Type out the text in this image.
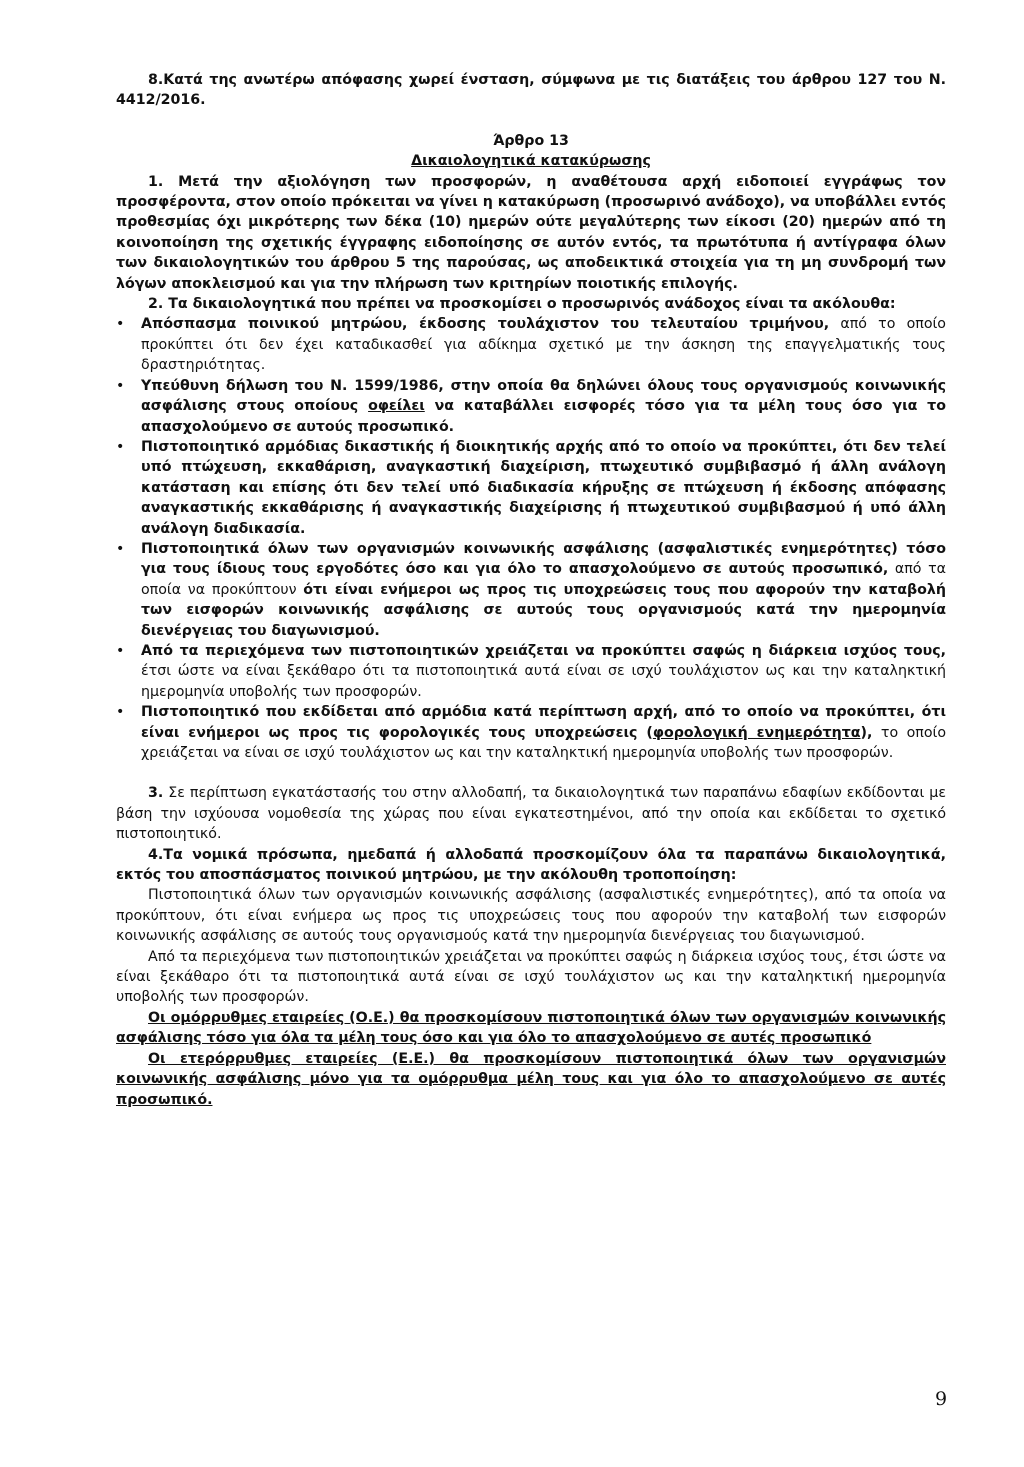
8.Κατά της ανωτέρω απόφασης χωρεί ένσταση, σύμφωνα με τις διατάξεις του άρθρου 127 του Ν. 4412/2016.

Άρθρο 13

Δικαιολογητικά κατακύρωσης

1. Μετά την αξιολόγηση των προσφορών, η αναθέτουσα αρχή ειδοποιεί εγγράφως τον προσφέροντα, στον οποίο πρόκειται να γίνει η κατακύρωση (προσωρινό ανάδοχο), να υποβάλλει εντός προθεσμίας όχι μικρότερης των δέκα (10) ημερών ούτε μεγαλύτερης των είκοσι (20) ημερών από τη κοινοποίηση της σχετικής έγγραφης ειδοποίησης σε αυτόν εντός, τα πρωτότυπα ή αντίγραφα όλων των δικαιολογητικών του άρθρου 5 της παρούσας, ως αποδεικτικά στοιχεία για τη μη συνδρομή των λόγων αποκλεισμού και για την πλήρωση των κριτηρίων ποιοτικής επιλογής.

2. Τα δικαιολογητικά που πρέπει να προσκομίσει ο προσωρινός ανάδοχος είναι τα ακόλουθα:

• Απόσπασμα ποινικού μητρώου, έκδοσης τουλάχιστον του τελευταίου τριμήνου, από το οποίο προκύπτει ότι δεν έχει καταδικασθεί για αδίκημα σχετικό με την άσκηση της επαγγελματικής τους δραστηριότητας.
• Υπεύθυνη δήλωση του Ν. 1599/1986, στην οποία θα δηλώνει όλους τους οργανισμούς κοινωνικής ασφάλισης στους οποίους οφείλει να καταβάλλει εισφορές τόσο για τα μέλη τους όσο για το απασχολούμενο σε αυτούς προσωπικό.
• Πιστοποιητικό αρμόδιας δικαστικής ή διοικητικής αρχής από το οποίο να προκύπτει, ότι δεν τελεί υπό πτώχευση, εκκαθάριση, αναγκαστική διαχείριση, πτωχευτικό συμβιβασμό ή άλλη ανάλογη κατάσταση και επίσης ότι δεν τελεί υπό διαδικασία κήρυξης σε πτώχευση ή έκδοσης απόφασης αναγκαστικής εκκαθάρισης ή αναγκαστικής διαχείρισης ή πτωχευτικού συμβιβασμού ή υπό άλλη ανάλογη διαδικασία.
• Πιστοποιητικά όλων των οργανισμών κοινωνικής ασφάλισης (ασφαλιστικές ενημερότητες) τόσο για τους ίδιους τους εργοδότες όσο και για όλο το απασχολούμενο σε αυτούς προσωπικό, από τα οποία να προκύπτουν ότι είναι ενήμεροι ως προς τις υποχρεώσεις τους που αφορούν την καταβολή των εισφορών κοινωνικής ασφάλισης σε αυτούς τους οργανισμούς κατά την ημερομηνία διενέργειας του διαγωνισμού.
• Από τα περιεχόμενα των πιστοποιητικών χρειάζεται να προκύπτει σαφώς η διάρκεια ισχύος τους, έτσι ώστε να είναι ξεκάθαρο ότι τα πιστοποιητικά αυτά είναι σε ισχύ τουλάχιστον ως και την καταληκτική ημερομηνία υποβολής των προσφορών.
• Πιστοποιητικό που εκδίδεται από αρμόδια κατά περίπτωση αρχή, από το οποίο να προκύπτει, ότι είναι ενήμεροι ως προς τις φορολογικές τους υποχρεώσεις (φορολογική ενημερότητα), το οποίο χρειάζεται να είναι σε ισχύ τουλάχιστον ως και την καταληκτική ημερομηνία υποβολής των προσφορών.

3. Σε περίπτωση εγκατάστασής του στην αλλοδαπή, τα δικαιολογητικά των παραπάνω εδαφίων εκδίδονται με βάση την ισχύουσα νομοθεσία της χώρας που είναι εγκατεστημένοι, από την οποία και εκδίδεται το σχετικό πιστοποιητικό.

4.Τα νομικά πρόσωπα, ημεδαπά ή αλλοδαπά προσκομίζουν όλα τα παραπάνω δικαιολογητικά, εκτός του αποσπάσματος ποινικού μητρώου, με την ακόλουθη τροποποίηση:

Πιστοποιητικά όλων των οργανισμών κοινωνικής ασφάλισης (ασφαλιστικές ενημερότητες), από τα οποία να προκύπτουν, ότι είναι ενήμερα ως προς τις υποχρεώσεις τους που αφορούν την καταβολή των εισφορών κοινωνικής ασφάλισης σε αυτούς τους οργανισμούς κατά την ημερομηνία διενέργειας του διαγωνισμού.

Από τα περιεχόμενα των πιστοποιητικών χρειάζεται να προκύπτει σαφώς η διάρκεια ισχύος τους, έτσι ώστε να είναι ξεκάθαρο ότι τα πιστοποιητικά αυτά είναι σε ισχύ τουλάχιστον ως και την καταληκτική ημερομηνία υποβολής των προσφορών.

Οι ομόρρυθμες εταιρείες (Ο.Ε.) θα προσκομίσουν πιστοποιητικά όλων των οργανισμών κοινωνικής ασφάλισης τόσο για όλα τα μέλη τους όσο και για όλο το απασχολούμενο σε αυτές προσωπικό

Οι ετερόρρυθμες εταιρείες (Ε.Ε.) θα προσκομίσουν πιστοποιητικά όλων των οργανισμών κοινωνικής ασφάλισης μόνο για τα ομόρρυθμα μέλη τους και για όλο το απασχολούμενο σε αυτές προσωπικό.

9
